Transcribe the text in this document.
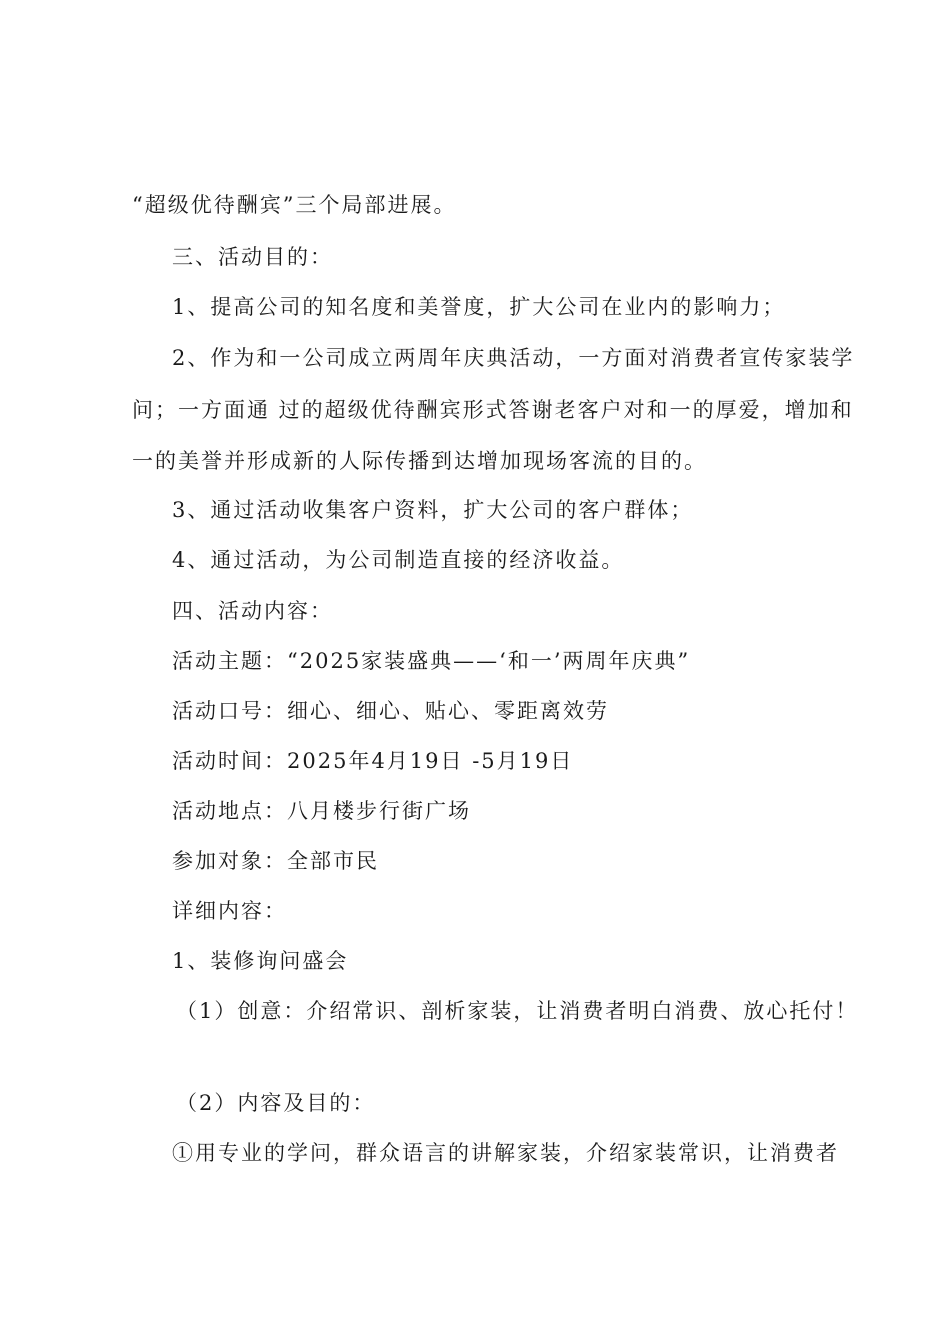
“超级优待酬宾”三个局部进展。
三、活动目的：
1、提高公司的知名度和美誉度，扩大公司在业内的影响力；
2、作为和一公司成立两周年庆典活动，一方面对消费者宣传家装学
问；一方面通 过的超级优待酬宾形式答谢老客户对和一的厚爱，增加和
一的美誉并形成新的人际传播到达增加现场客流的目的。
3、通过活动收集客户资料，扩大公司的客户群体；
4、通过活动，为公司制造直接的经济收益。
四、活动内容：
活动主题：“2025家装盛典——‘和一’两周年庆典”
活动口号：细心、细心、贴心、零距离效劳
活动时间：2025年4月19日 -5月19日
活动地点：八月楼步行街广场
参加对象：全部市民
详细内容：
1、装修询问盛会
（1）创意：介绍常识、剖析家装，让消费者明白消费、放心托付！
（2）内容及目的：
①用专业的学问，群众语言的讲解家装，介绍家装常识，让消费者
